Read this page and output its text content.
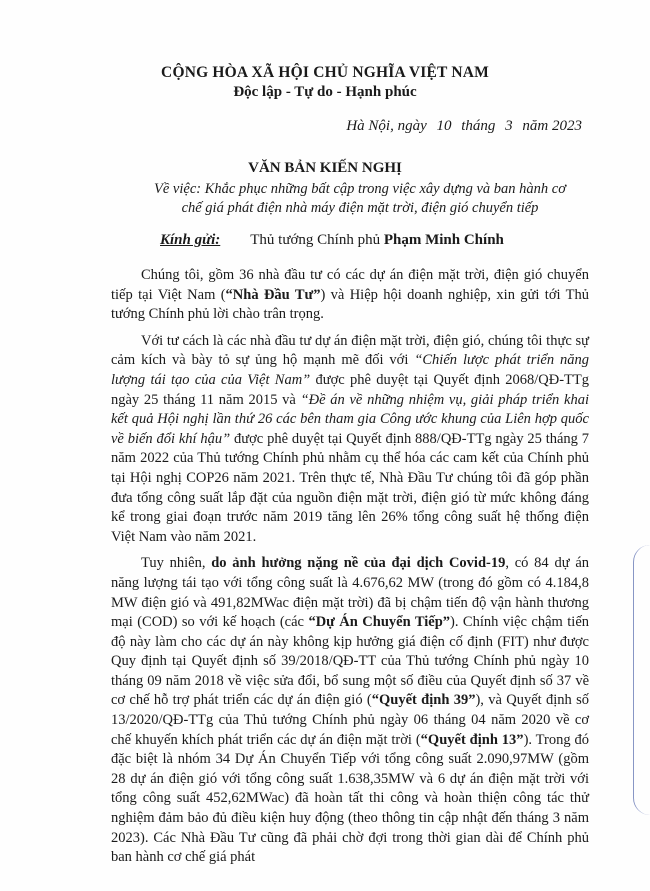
CỘNG HÒA XÃ HỘI CHỦ NGHĨA VIỆT NAM
Độc lập - Tự do - Hạnh phúc
Hà Nội, ngày 10 tháng 3 năm 2023
VĂN BẢN KIẾN NGHỊ
Về việc: Khắc phục những bất cập trong việc xây dựng và ban hành cơ chế giá phát điện nhà máy điện mặt trời, điện gió chuyển tiếp
Kính gửi: Thủ tướng Chính phủ Phạm Minh Chính

Chúng tôi, gồm 36 nhà đầu tư có các dự án điện mặt trời, điện gió chuyển tiếp tại Việt Nam (“Nhà Đầu Tư”) và Hiệp hội doanh nghiệp, xin gửi tới Thủ tướng Chính phủ lời chào trân trọng.

Với tư cách là các nhà đầu tư dự án điện mặt trời, điện gió, chúng tôi thực sự cảm kích và bày tỏ sự ủng hộ mạnh mẽ đối với “Chiến lược phát triển năng lượng tái tạo của của Việt Nam” được phê duyệt tại Quyết định 2068/QĐ-TTg ngày 25 tháng 11 năm 2015 và “Đề án về những nhiệm vụ, giải pháp triển khai kết quả Hội nghị lần thứ 26 các bên tham gia Công ước khung của Liên hợp quốc về biến đổi khí hậu” được phê duyệt tại Quyết định 888/QĐ-TTg ngày 25 tháng 7 năm 2022 của Thủ tướng Chính phủ nhằm cụ thể hóa các cam kết của Chính phủ tại Hội nghị COP26 năm 2021. Trên thực tế, Nhà Đầu Tư chúng tôi đã góp phần đưa tổng công suất lắp đặt của nguồn điện mặt trời, điện gió từ mức không đáng kể trong giai đoạn trước năm 2019 tăng lên 26% tổng công suất hệ thống điện Việt Nam vào năm 2021.

Tuy nhiên, do ảnh hưởng nặng nề của đại dịch Covid-19, có 84 dự án năng lượng tái tạo với tổng công suất là 4.676,62 MW (trong đó gồm có 4.184,8 MW điện gió và 491,82MWac điện mặt trời) đã bị chậm tiến độ vận hành thương mại (COD) so với kế hoạch (các “Dự Án Chuyển Tiếp”). Chính việc chậm tiến độ này làm cho các dự án này không kịp hưởng giá điện cố định (FIT) như được Quy định tại Quyết định số 39/2018/QĐ-TT của Thủ tướng Chính phủ ngày 10 tháng 09 năm 2018 về việc sửa đổi, bổ sung một số điều của Quyết định số 37 về cơ chế hỗ trợ phát triển các dự án điện gió (“Quyết định 39”), và Quyết định số 13/2020/QĐ-TTg của Thủ tướng Chính phủ ngày 06 tháng 04 năm 2020 về cơ chế khuyến khích phát triển các dự án điện mặt trời (“Quyết định 13”). Trong đó đặc biệt là nhóm 34 Dự Án Chuyển Tiếp với tổng công suất 2.090,97MW (gồm 28 dự án điện gió với tổng công suất 1.638,35MW và 6 dự án điện mặt trời với tổng công suất 452,62MWac) đã hoàn tất thi công và hoàn thiện công tác thử nghiệm đảm bảo đủ điều kiện huy động (theo thông tin cập nhật đến tháng 3 năm 2023). Các Nhà Đầu Tư cũng đã phải chờ đợi trong thời gian dài để Chính phủ ban hành cơ chế giá phát
